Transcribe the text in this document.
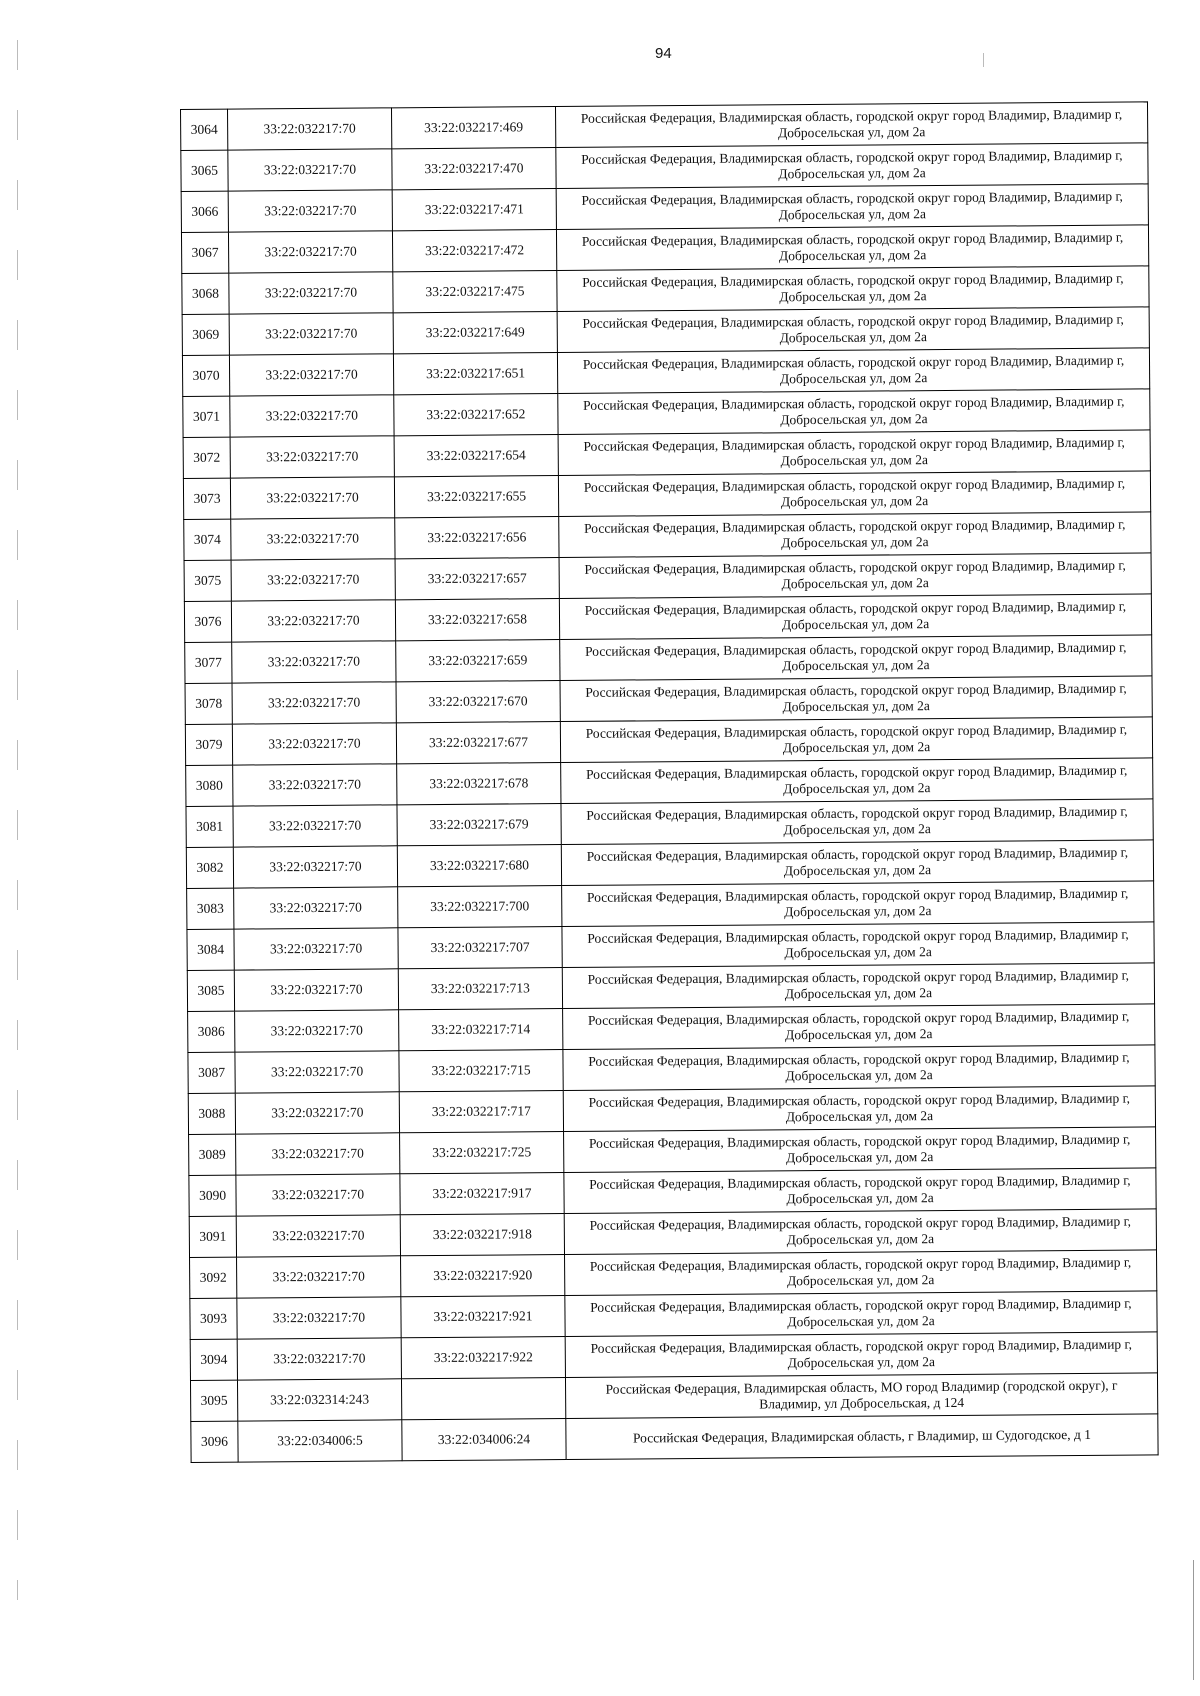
94
3064	33:22:032217:70	33:22:032217:469	Российская Федерация, Владимирская область, городской округ город Владимир, Владимир г,
Добросельская ул, дом 2а

3065	33:22:032217:70	33:22:032217:470	Российская Федерация, Владимирская область, городской округ город Владимир, Владимир г,
Добросельская ул, дом 2а

3066	33:22:032217:70	33:22:032217:471	Российская Федерация, Владимирская область, городской округ город Владимир, Владимир г,
Добросельская ул, дом 2а

3067	33:22:032217:70	33:22:032217:472	Российская Федерация, Владимирская область, городской округ город Владимир, Владимир г,
Добросельская ул, дом 2а

3068	33:22:032217:70	33:22:032217:475	Российская Федерация, Владимирская область, городской округ город Владимир, Владимир г,
Добросельская ул, дом 2а

3069	33:22:032217:70	33:22:032217:649	Российская Федерация, Владимирская область, городской округ город Владимир, Владимир г,
Добросельская ул, дом 2а

3070	33:22:032217:70	33:22:032217:651	Российская Федерация, Владимирская область, городской округ город Владимир, Владимир г,
Добросельская ул, дом 2а

3071	33:22:032217:70	33:22:032217:652	Российская Федерация, Владимирская область, городской округ город Владимир, Владимир г,
Добросельская ул, дом 2а

3072	33:22:032217:70	33:22:032217:654	Российская Федерация, Владимирская область, городской округ город Владимир, Владимир г,
Добросельская ул, дом 2а

3073	33:22:032217:70	33:22:032217:655	Российская Федерация, Владимирская область, городской округ город Владимир, Владимир г,
Добросельская ул, дом 2а

3074	33:22:032217:70	33:22:032217:656	Российская Федерация, Владимирская область, городской округ город Владимир, Владимир г,
Добросельская ул, дом 2а

3075	33:22:032217:70	33:22:032217:657	Российская Федерация, Владимирская область, городской округ город Владимир, Владимир г,
Добросельская ул, дом 2а

3076	33:22:032217:70	33:22:032217:658	Российская Федерация, Владимирская область, городской округ город Владимир, Владимир г,
Добросельская ул, дом 2а

3077	33:22:032217:70	33:22:032217:659	Российская Федерация, Владимирская область, городской округ город Владимир, Владимир г,
Добросельская ул, дом 2а

3078	33:22:032217:70	33:22:032217:670	Российская Федерация, Владимирская область, городской округ город Владимир, Владимир г,
Добросельская ул, дом 2а

3079	33:22:032217:70	33:22:032217:677	Российская Федерация, Владимирская область, городской округ город Владимир, Владимир г,
Добросельская ул, дом 2а

3080	33:22:032217:70	33:22:032217:678	Российская Федерация, Владимирская область, городской округ город Владимир, Владимир г,
Добросельская ул, дом 2а

3081	33:22:032217:70	33:22:032217:679	Российская Федерация, Владимирская область, городской округ город Владимир, Владимир г,
Добросельская ул, дом 2а

3082	33:22:032217:70	33:22:032217:680	Российская Федерация, Владимирская область, городской округ город Владимир, Владимир г,
Добросельская ул, дом 2а

3083	33:22:032217:70	33:22:032217:700	Российская Федерация, Владимирская область, городской округ город Владимир, Владимир г,
Добросельская ул, дом 2а

3084	33:22:032217:70	33:22:032217:707	Российская Федерация, Владимирская область, городской округ город Владимир, Владимир г,
Добросельская ул, дом 2а

3085	33:22:032217:70	33:22:032217:713	Российская Федерация, Владимирская область, городской округ город Владимир, Владимир г,
Добросельская ул, дом 2а

3086	33:22:032217:70	33:22:032217:714	Российская Федерация, Владимирская область, городской округ город Владимир, Владимир г,
Добросельская ул, дом 2а

3087	33:22:032217:70	33:22:032217:715	Российская Федерация, Владимирская область, городской округ город Владимир, Владимир г,
Добросельская ул, дом 2а

3088	33:22:032217:70	33:22:032217:717	Российская Федерация, Владимирская область, городской округ город Владимир, Владимир г,
Добросельская ул, дом 2а

3089	33:22:032217:70	33:22:032217:725	Российская Федерация, Владимирская область, городской округ город Владимир, Владимир г,
Добросельская ул, дом 2а

3090	33:22:032217:70	33:22:032217:917	Российская Федерация, Владимирская область, городской округ город Владимир, Владимир г,
Добросельская ул, дом 2а

3091	33:22:032217:70	33:22:032217:918	Российская Федерация, Владимирская область, городской округ город Владимир, Владимир г,
Добросельская ул, дом 2а

3092	33:22:032217:70	33:22:032217:920	Российская Федерация, Владимирская область, городской округ город Владимир, Владимир г,
Добросельская ул, дом 2а

3093	33:22:032217:70	33:22:032217:921	Российская Федерация, Владимирская область, городской округ город Владимир, Владимир г,
Добросельская ул, дом 2а

3094	33:22:032217:70	33:22:032217:922	Российская Федерация, Владимирская область, городской округ город Владимир, Владимир г,
Добросельская ул, дом 2а

3095	33:22:032314:243		Российская Федерация, Владимирская область, МО город Владимир (городской округ), г
Владимир, ул Добросельская, д 124

3096	33:22:034006:5	33:22:034006:24	Российская Федерация, Владимирская область, г Владимир, ш Судогодское, д 1
